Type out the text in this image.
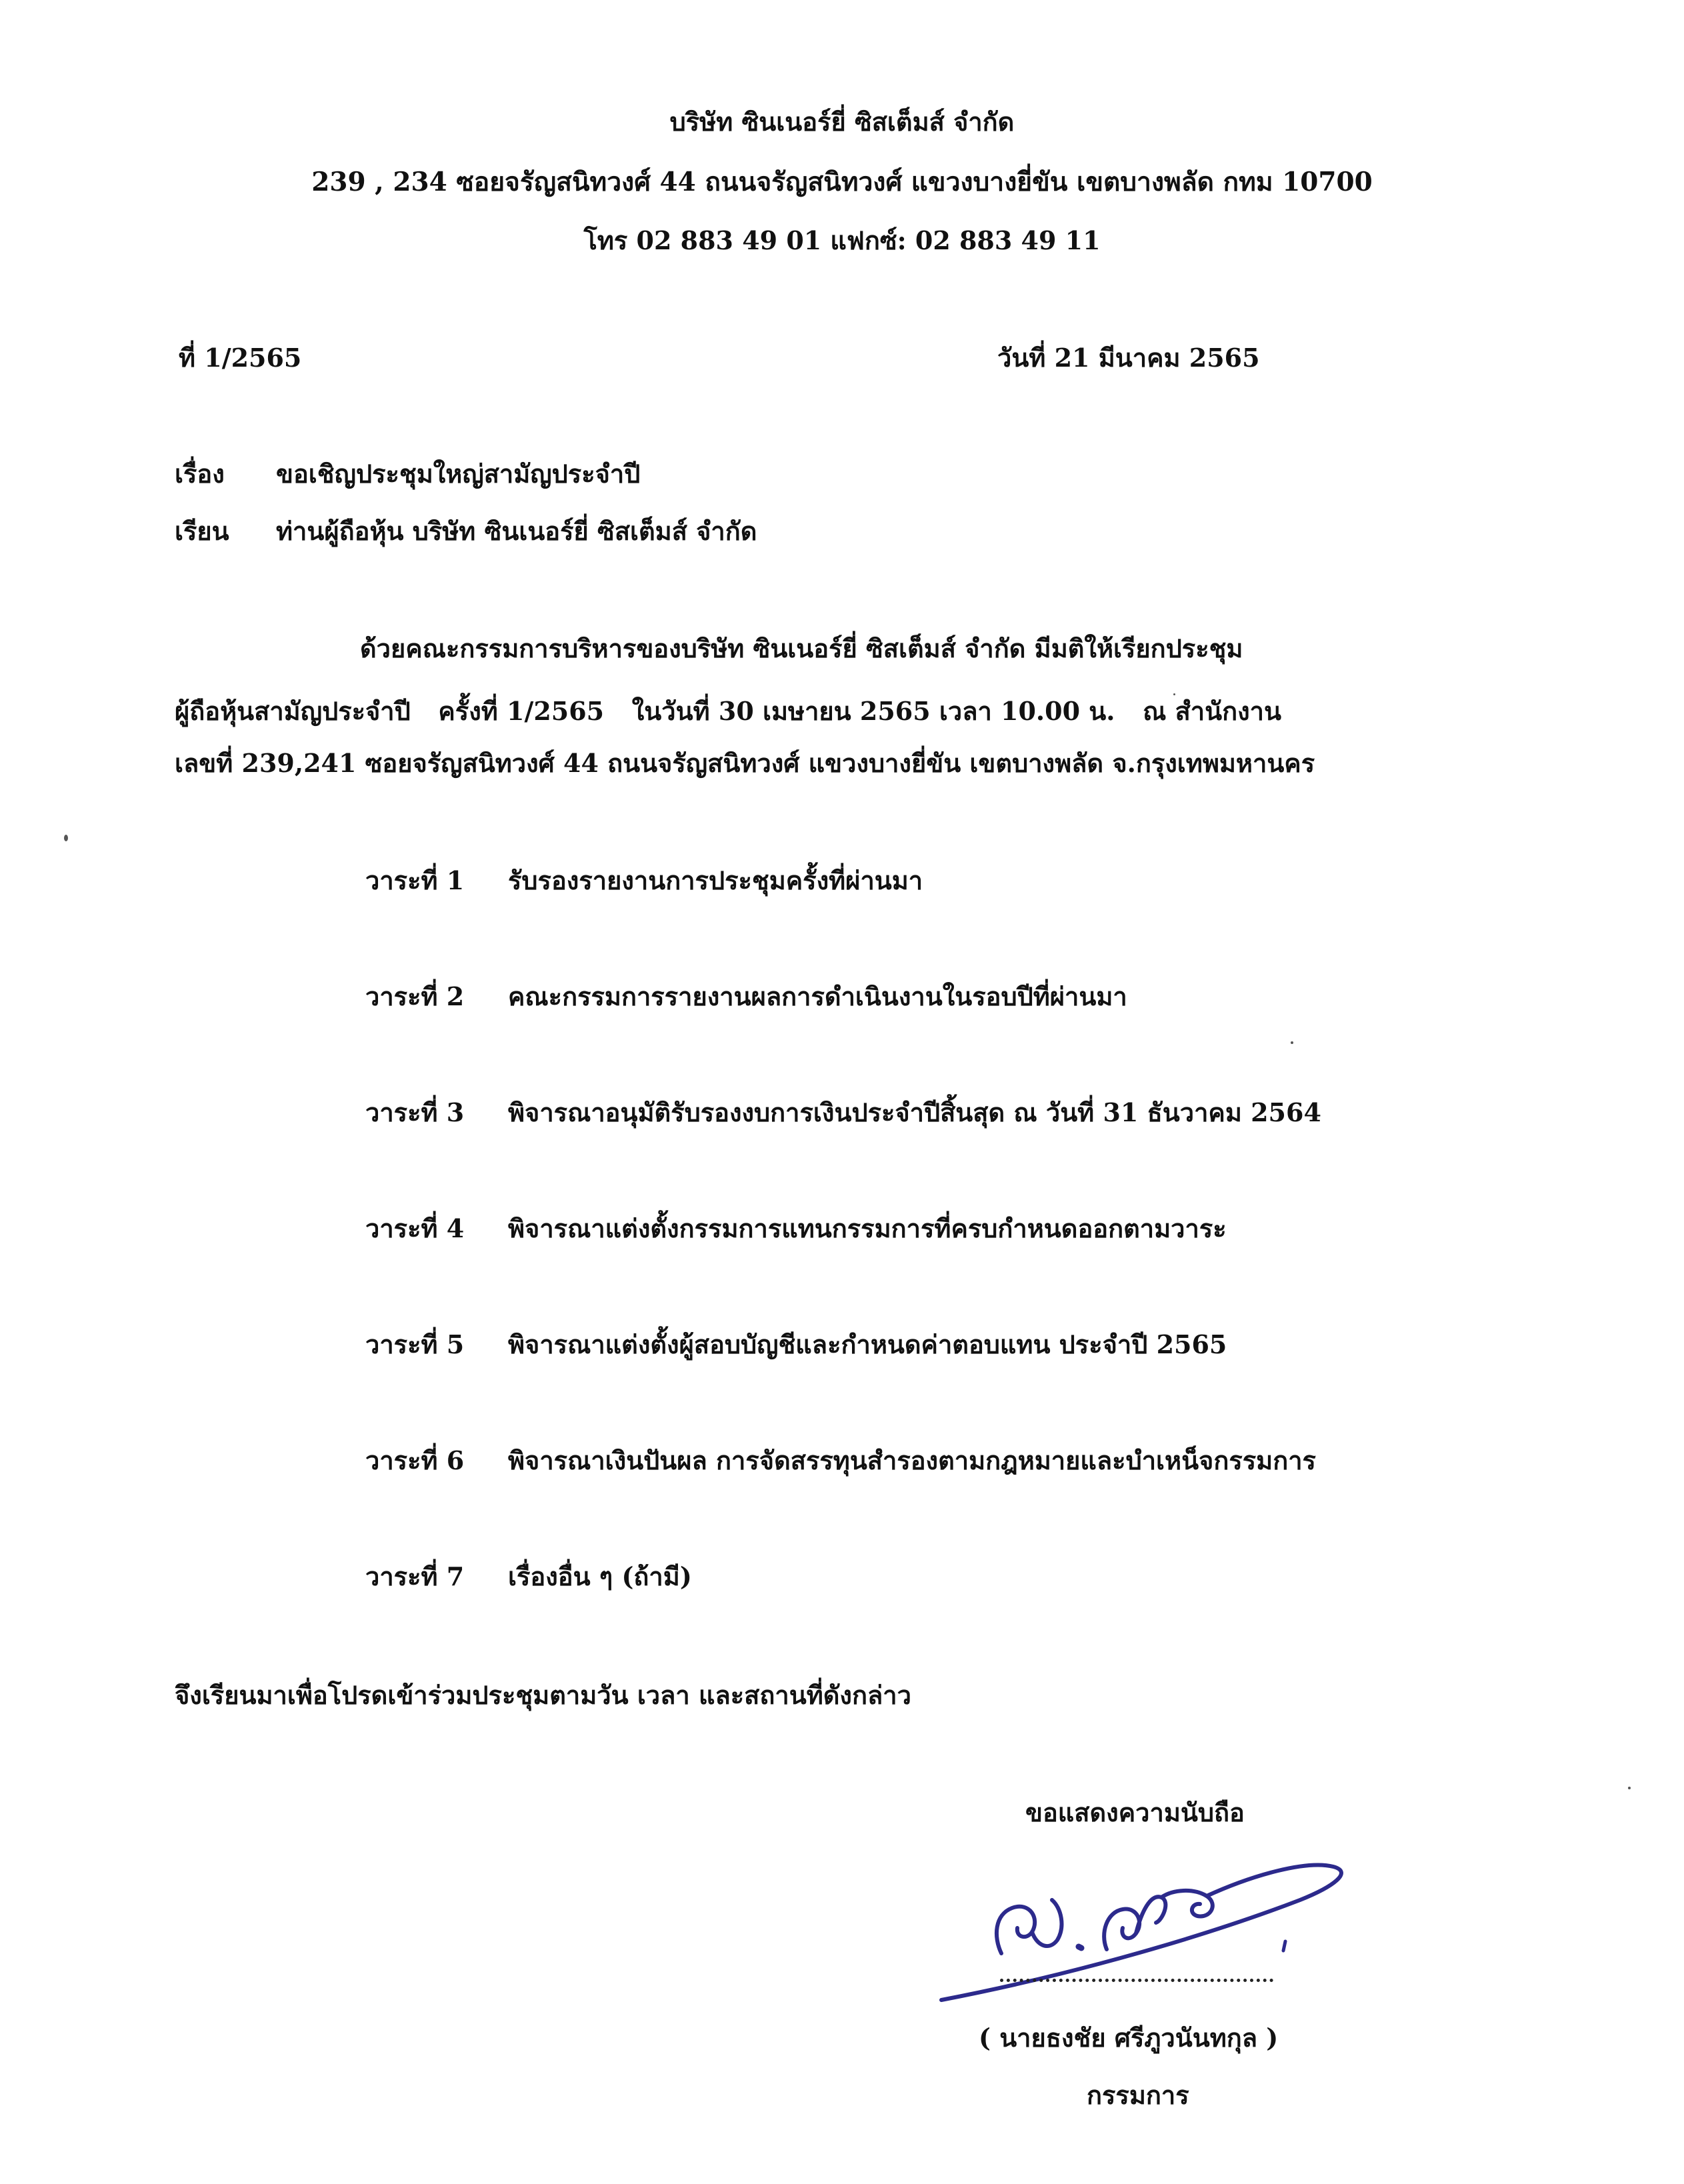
บริษัท ซินเนอร์ยี่ ซิสเต็มส์ จำกัด
239 , 234 ซอยจรัญสนิทวงศ์ 44 ถนนจรัญสนิทวงศ์ แขวงบางยี่ขัน เขตบางพลัด กทม 10700
โทร 02 883 49 01 แฟกซ์: 02 883 49 11
ที่ 1/2565	วันที่ 21 มีนาคม 2565
เรื่อง ขอเชิญประชุมใหญ่สามัญประจำปี
เรียน ท่านผู้ถือหุ้น บริษัท ซินเนอร์ยี่ ซิสเต็มส์ จำกัด
ด้วยคณะกรรมการบริหารของบริษัท ซินเนอร์ยี่ ซิสเต็มส์ จำกัด มีมติให้เรียกประชุม
ผู้ถือหุ้นสามัญประจำปี ครั้งที่ 1/2565 ในวันที่ 30 เมษายน 2565 เวลา 10.00 น. ณ สำนักงาน
เลขที่ 239,241 ซอยจรัญสนิทวงศ์ 44 ถนนจรัญสนิทวงศ์ แขวงบางยี่ขัน เขตบางพลัด จ.กรุงเทพมหานคร
วาระที่ 1 รับรองรายงานการประชุมครั้งที่ผ่านมา
วาระที่ 2 คณะกรรมการรายงานผลการดำเนินงานในรอบปีที่ผ่านมา
วาระที่ 3 พิจารณาอนุมัติรับรองงบการเงินประจำปีสิ้นสุด ณ วันที่ 31 ธันวาคม 2564
วาระที่ 4 พิจารณาแต่งตั้งกรรมการแทนกรรมการที่ครบกำหนดออกตามวาระ
วาระที่ 5 พิจารณาแต่งตั้งผู้สอบบัญชีและกำหนดค่าตอบแทน ประจำปี 2565
วาระที่ 6 พิจารณาเงินปันผล การจัดสรรทุนสำรองตามกฎหมายและบำเหน็จกรรมการ
วาระที่ 7 เรื่องอื่น ๆ (ถ้ามี)
จึงเรียนมาเพื่อโปรดเข้าร่วมประชุมตามวัน เวลา และสถานที่ดังกล่าว
ขอแสดงความนับถือ
( นายธงชัย ศรีภูวนันทกุล )
กรรมการ
